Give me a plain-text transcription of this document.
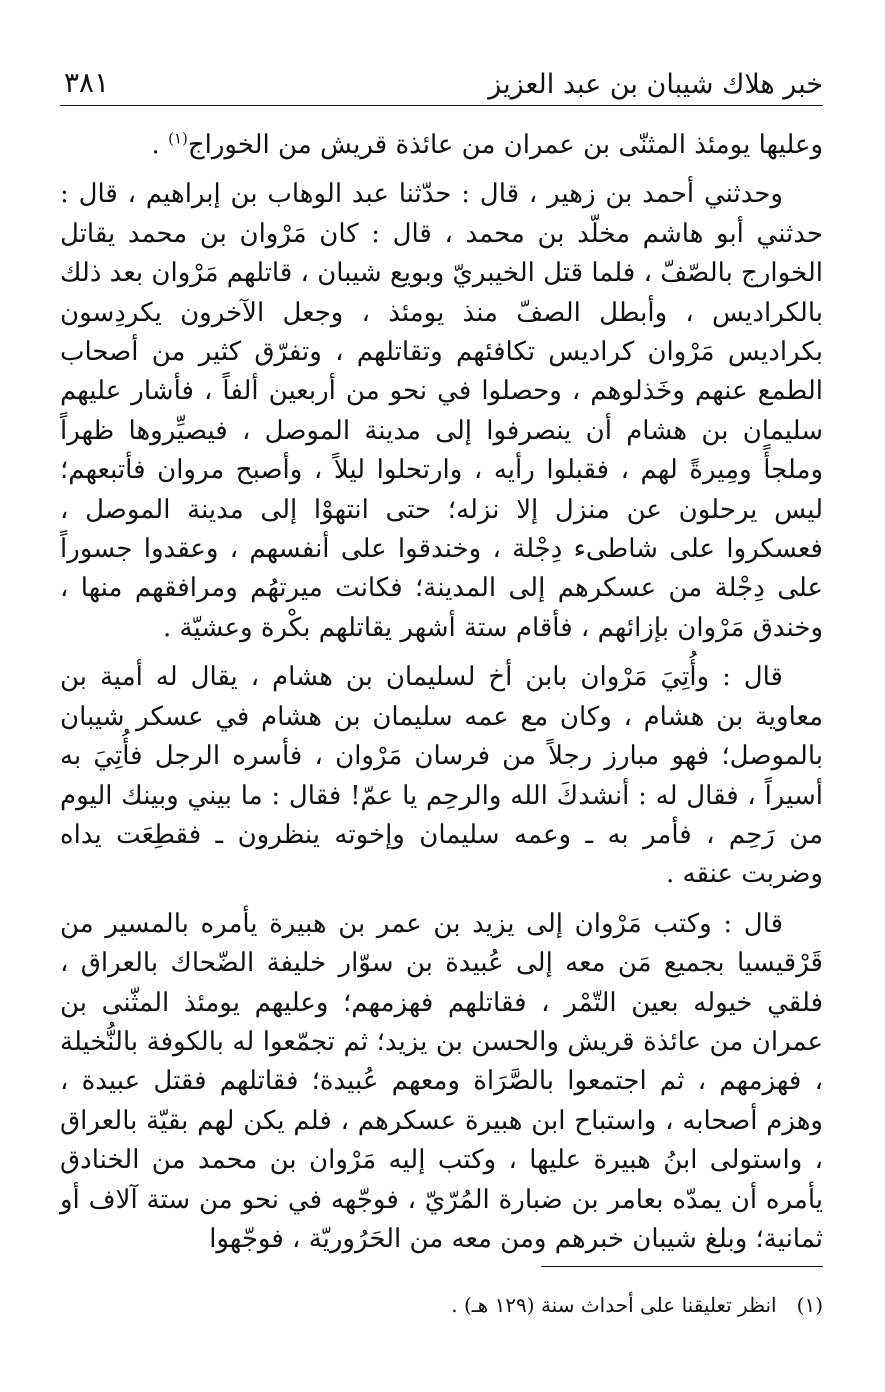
خبر هلاك شيبان بن عبد العزيز
٣٨١

وعليها يومئذ المثنّى بن عمران من عائذة قريش من الخوراج$^{(١)}$ .

وحدثني أحمد بن زهير ، قال : حدّثنا عبد الوهاب بن إبراهيم ، قال : حدثني أبو هاشم مخلّد بن محمد ، قال : كان مَرْوان بن محمد يقاتل الخوارج بالصّفّ ، فلما قتل الخيبريّ وبويع شيبان ، قاتلهم مَرْوان بعد ذلك بالكراديس ، وأبطل الصفّ منذ يومئذ ، وجعل الآخرون يكردِسون بكراديس مَرْوان كراديس تكافئهم وتقاتلهم ، وتفرّق كثير من أصحاب الطمع عنهم وخَذلوهم ، وحصلوا في نحو من أربعين ألفاً ، فأشار عليهم سليمان بن هشام أن ينصرفوا إلى مدينة الموصل ، فيصيِّروها ظهراً وملجأً ومِيرةً لهم ، فقبلوا رأيه ، وارتحلوا ليلاً ، وأصبح مروان فأتبعهم؛ ليس يرحلون عن منزل إلا نزله؛ حتى انتهوْا إلى مدينة الموصل ، فعسكروا على شاطىء دِجْلة ، وخندقوا على أنفسهم ، وعقدوا جسوراً على دِجْلة من عسكرهم إلى المدينة؛ فكانت ميرتهُم ومرافقهم منها ، وخندق مَرْوان بإزائهم ، فأقام ستة أشهر يقاتلهم بكْرة وعشيّة .

قال : وأُتِيَ مَرْوان بابن أخ لسليمان بن هشام ، يقال له أمية بن معاوية بن هشام ، وكان مع عمه سليمان بن هشام في عسكر شيبان بالموصل؛ فهو مبارز رجلاً من فرسان مَرْوان ، فأسره الرجل فأُتِيَ به أسيراً ، فقال له : أنشدكَ الله والرحِم يا عمّ! فقال : ما بيني وبينك اليوم من رَحِم ، فأمر به ـ وعمه سليمان وإخوته ينظرون ـ فقطِعَت يداه وضربت عنقه .

قال : وكتب مَرْوان إلى يزيد بن عمر بن هبيرة يأمره بالمسير من قَرْقيسيا بجميع مَن معه إلى عُبيدة بن سوّار خليفة الضّحاك بالعراق ، فلقي خيوله بعين التّمْر ، فقاتلهم فهزمهم؛ وعليهم يومئذ المثّنى بن عمران من عائذة قريش والحسن بن يزيد؛ ثم تجمّعوا له بالكوفة بالنُّخيلة ، فهزمهم ، ثم اجتمعوا بالصَّرَاة ومعهم عُبيدة؛ فقاتلهم فقتل عبيدة ، وهزم أصحابه ، واستباح ابن هبيرة عسكرهم ، فلم يكن لهم بقيّة بالعراق ، واستولى ابنُ هبيرة عليها ، وكتب إليه مَرْوان بن محمد من الخنادق يأمره أن يمدّه بعامر بن ضبارة المُرّيّ ، فوجّهه في نحو من ستة آلاف أو ثمانية؛ وبلغ شيبان خبرهم ومن معه من الحَرُوريّة ، فوجّهوا

(١)انظر تعليقنا على أحداث سنة (١٢٩ هـ) .
